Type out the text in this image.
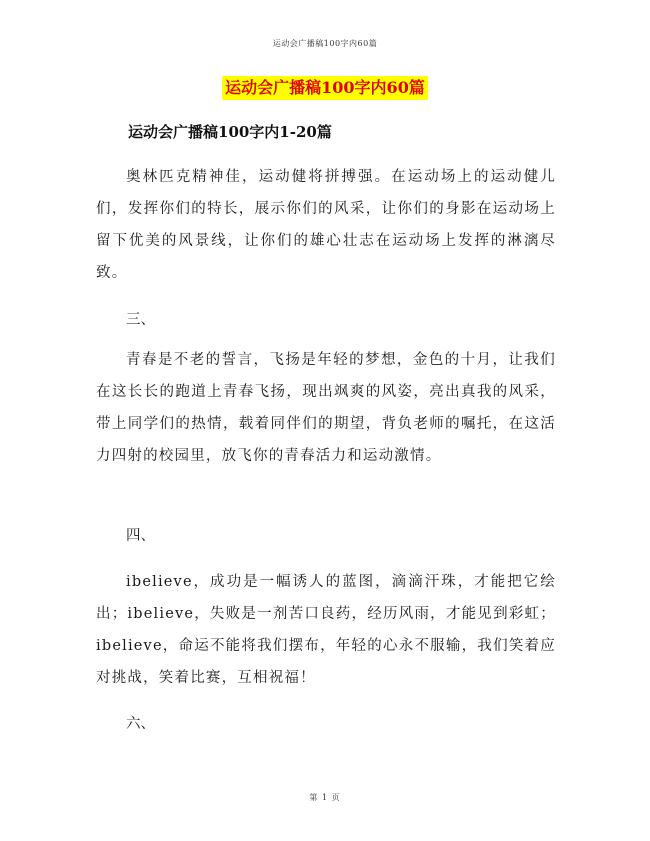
运动会广播稿100字内60篇
运动会广播稿100字内60篇
运动会广播稿100字内1-20篇

奥林匹克精神佳，运动健将拼搏强。在运动场上的运动健儿们，发挥你们的特长，展示你们的风采，让你们的身影在运动场上留下优美的风景线，让你们的雄心壮志在运动场上发挥的淋漓尽致。

三、

青春是不老的誓言，飞扬是年轻的梦想，金色的十月，让我们在这长长的跑道上青春飞扬，现出飒爽的风姿，亮出真我的风采，带上同学们的热情，载着同伴们的期望，背负老师的嘱托，在这活力四射的校园里，放飞你的青春活力和运动激情。

四、

ibelieve，成功是一幅诱人的蓝图，滴滴汗珠，才能把它绘出；ibelieve，失败是一剂苦口良药，经历风雨，才能见到彩虹；ibelieve，命运不能将我们摆布，年轻的心永不服输，我们笑着应对挑战，笑着比赛，互相祝福！

六、
第 1 页
